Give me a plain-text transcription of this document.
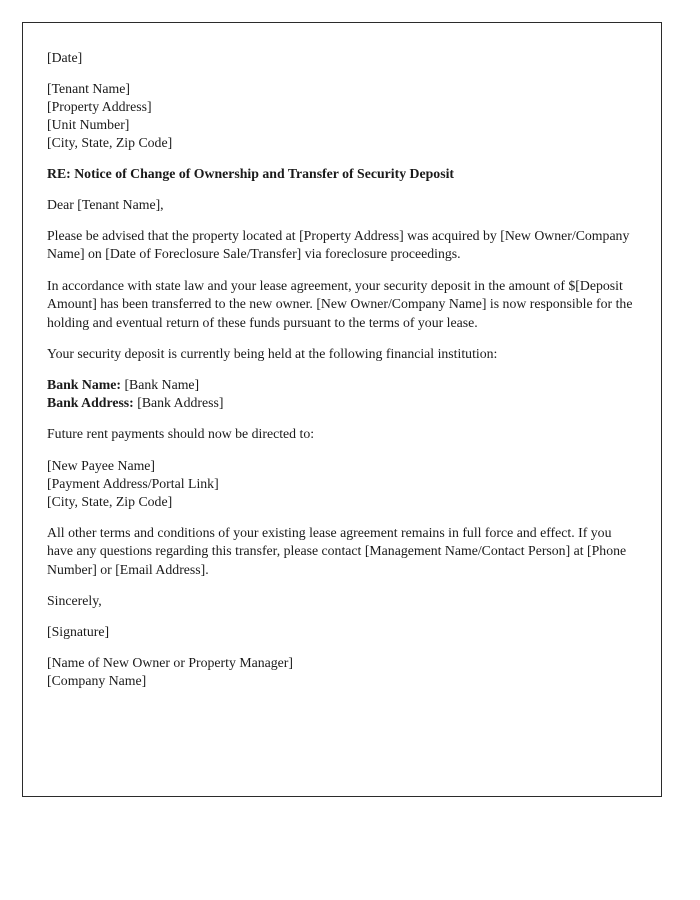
[Date]

[Tenant Name]
[Property Address]
[Unit Number]
[City, State, Zip Code]

RE: Notice of Change of Ownership and Transfer of Security Deposit

Dear [Tenant Name],

Please be advised that the property located at [Property Address] was acquired by [New Owner/Company Name] on [Date of Foreclosure Sale/Transfer] via foreclosure proceedings.

In accordance with state law and your lease agreement, your security deposit in the amount of $[Deposit Amount] has been transferred to the new owner. [New Owner/Company Name] is now responsible for the holding and eventual return of these funds pursuant to the terms of your lease.

Your security deposit is currently being held at the following financial institution:

Bank Name: [Bank Name]
Bank Address: [Bank Address]

Future rent payments should now be directed to:

[New Payee Name]
[Payment Address/Portal Link]
[City, State, Zip Code]

All other terms and conditions of your existing lease agreement remains in full force and effect. If you have any questions regarding this transfer, please contact [Management Name/Contact Person] at [Phone Number] or [Email Address].

Sincerely,

[Signature]

[Name of New Owner or Property Manager]
[Company Name]
